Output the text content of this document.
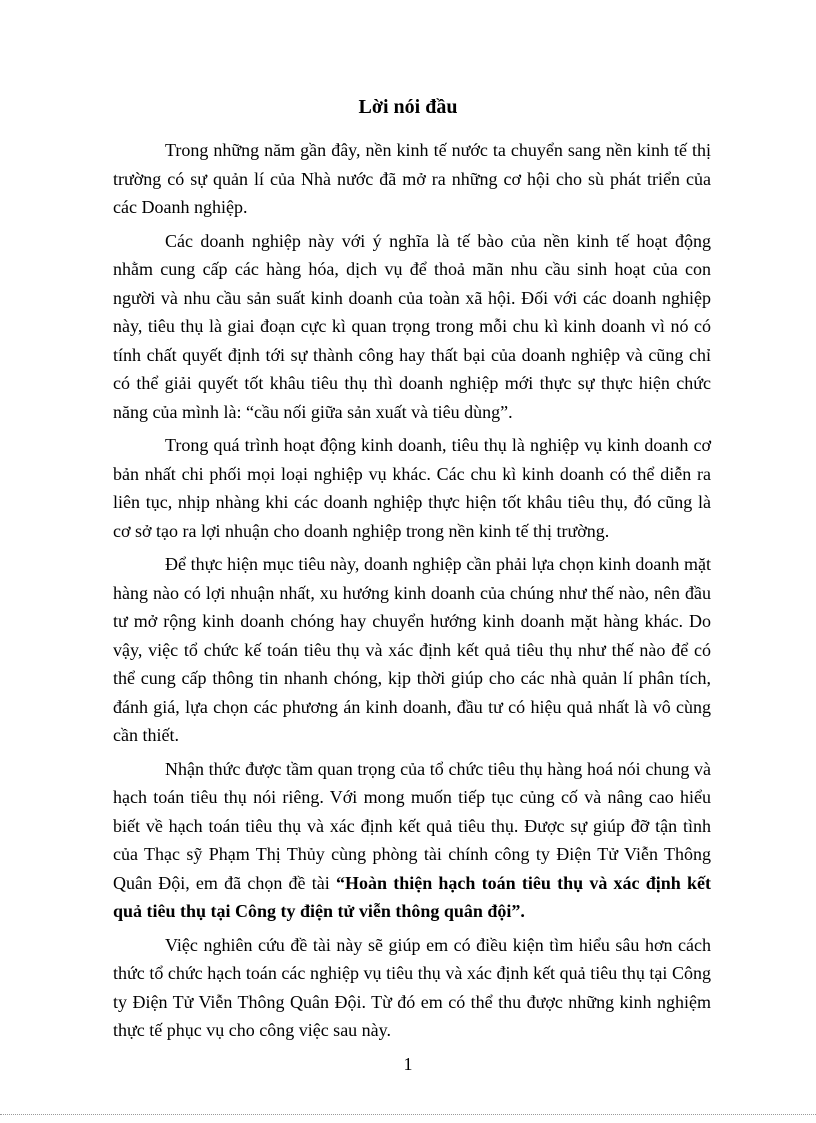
Lời nói đầu

Trong những năm gần đây, nền kinh tế nước ta chuyển sang nền kinh tế thị trường có sự quản lí của Nhà nước đã mở ra những cơ hội cho sù phát triển của các Doanh nghiệp.

Các doanh nghiệp này với ý nghĩa là tế bào của nền kinh tế hoạt động nhằm cung cấp các hàng hóa, dịch vụ để thoả mãn nhu cầu sinh hoạt của con người và nhu cầu sản suất kinh doanh của toàn xã hội. Đối với các doanh nghiệp này, tiêu thụ là giai đoạn cực kì quan trọng trong mỗi chu kì kinh doanh vì nó có tính chất quyết định tới sự thành công hay thất bại của doanh nghiệp và cũng chỉ có thể giải quyết tốt khâu tiêu thụ thì doanh nghiệp mới thực sự thực hiện chức năng của mình là: “cầu nối giữa sản xuất và tiêu dùng”.

Trong quá trình hoạt động kinh doanh, tiêu thụ là nghiệp vụ kinh doanh cơ bản nhất chi phối mọi loại nghiệp vụ khác. Các chu kì kinh doanh có thể diễn ra liên tục, nhịp nhàng khi các doanh nghiệp thực hiện tốt khâu tiêu thụ, đó cũng là cơ sở tạo ra lợi nhuận cho doanh nghiệp trong nền kinh tế thị trường.

Để thực hiện mục tiêu này, doanh nghiệp cần phải lựa chọn kinh doanh mặt hàng nào có lợi nhuận nhất, xu hướng kinh doanh của chúng như thế nào, nên đầu tư mở rộng kinh doanh chóng hay chuyển hướng kinh doanh mặt hàng khác. Do vậy, việc tổ chức kế toán tiêu thụ và xác định kết quả tiêu thụ như thế nào để có thể cung cấp thông tin nhanh chóng, kịp thời giúp cho các nhà quản lí phân tích, đánh giá, lựa chọn các phương án kinh doanh, đầu tư có hiệu quả nhất là vô cùng cần thiết.

Nhận thức được tầm quan trọng của tổ chức tiêu thụ hàng hoá nói chung và hạch toán tiêu thụ nói riêng. Với mong muốn tiếp tục củng cố và nâng cao hiểu biết về hạch toán tiêu thụ và xác định kết quả tiêu thụ. Được sự giúp đỡ tận tình của Thạc sỹ Phạm Thị Thủy cùng phòng tài chính công ty Điện Tử Viễn Thông Quân Đội, em đã chọn đề tài “Hoàn thiện hạch toán tiêu thụ và xác định kết quả tiêu thụ tại Công ty điện tử viễn thông quân đội”.

Việc nghiên cứu đề tài này sẽ giúp em có điều kiện tìm hiểu sâu hơn cách thức tổ chức hạch toán các nghiệp vụ tiêu thụ và xác định kết quả tiêu thụ tại Công ty Điện Tử Viễn Thông Quân Đội. Từ đó em có thể thu được những kinh nghiệm thực tế phục vụ cho công việc sau này.

1
